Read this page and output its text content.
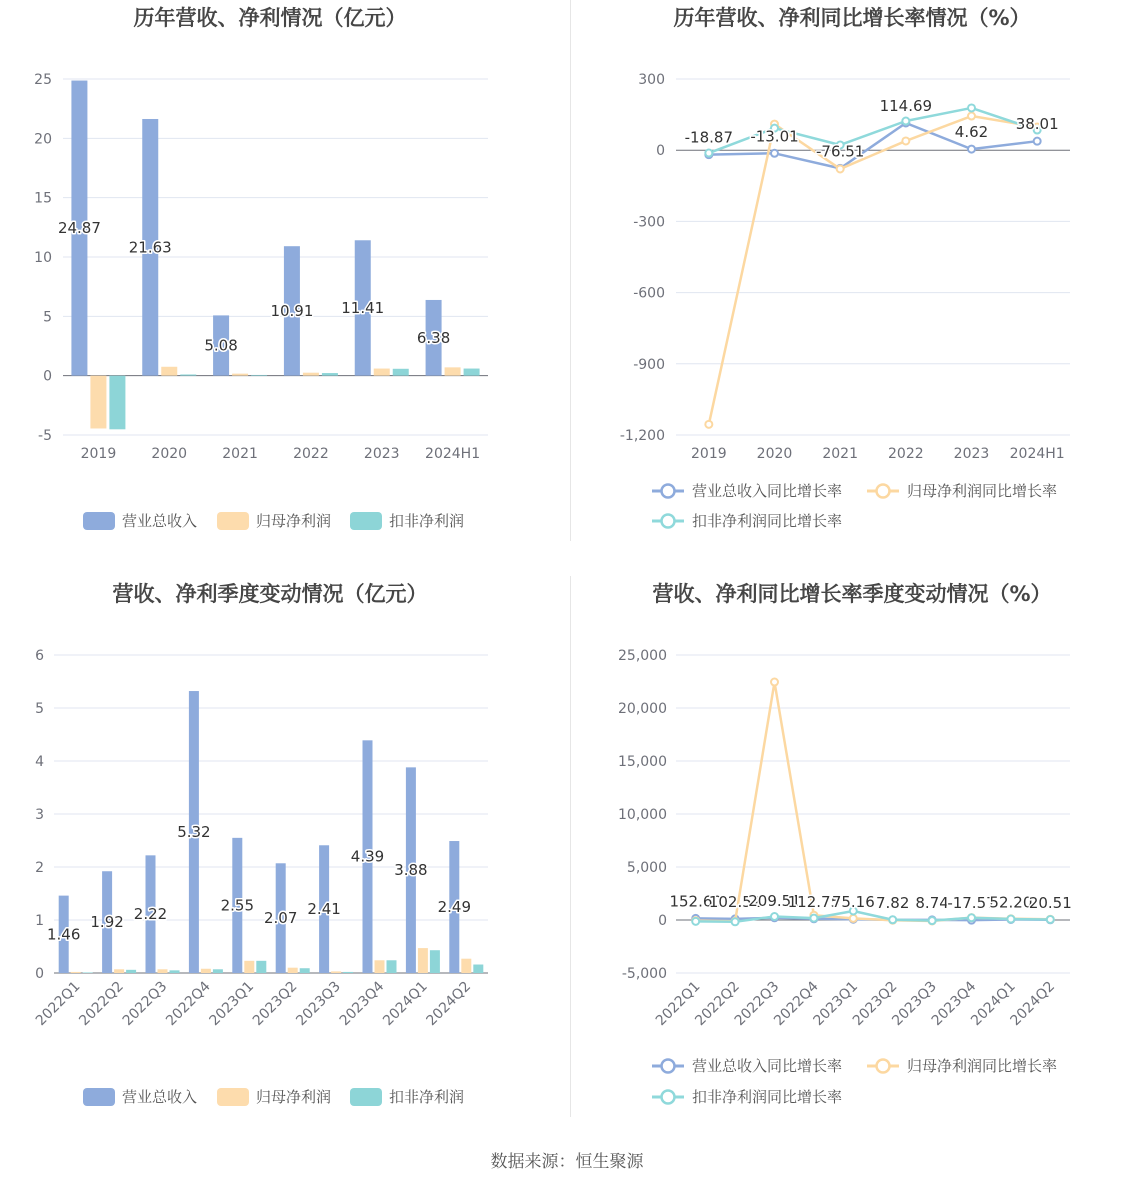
数据来源：恒生聚源
历年营收、净利情况（亿元）
-5
0
5
10
15
20
25
2019	2020	2021	2022	2023 2024H1
24.87
21.63
5.08
10.91 11.41
6.38
营业总收入	归母净利润	扣非净利润
历年营收、净利同比增长率情况（%）
-1,200
-900
-600
-300
0
300
2019 2020 2021 2022 2023 2024H1
-18.87 -13.01
-76.51
114.69
4.62 38.01
营业总收入同比增长率	归母净利润同比增长率
扣非净利润同比增长率
营收、净利季度变动情况（亿元）
0
1
2
3
4
5
6
2022Q1
2022Q2
2022Q3
2022Q4
2023Q1
2023Q2
2023Q3
2023Q4
2024Q1
2024Q2
1.46
1.92 2.22
5.32
2.55
2.07
2.41
4.39
3.88
2.49
营业总收入	归母净利润	扣非净利润
营收、净利同比增长率季度变动情况（%）
-5,000
0
5,000
10,000
15,000
20,000
25,000
2022Q1
2022Q2
2022Q3
2022Q4
2023Q1
2023Q2
2023Q3
2023Q4
2024Q1
2024Q2
152.60
102.52
209.51
112.75
75.16 7.82 8.74
-17.57
52.20
20.51
营业总收入同比增长率	归母净利润同比增长率
扣非净利润同比增长率
